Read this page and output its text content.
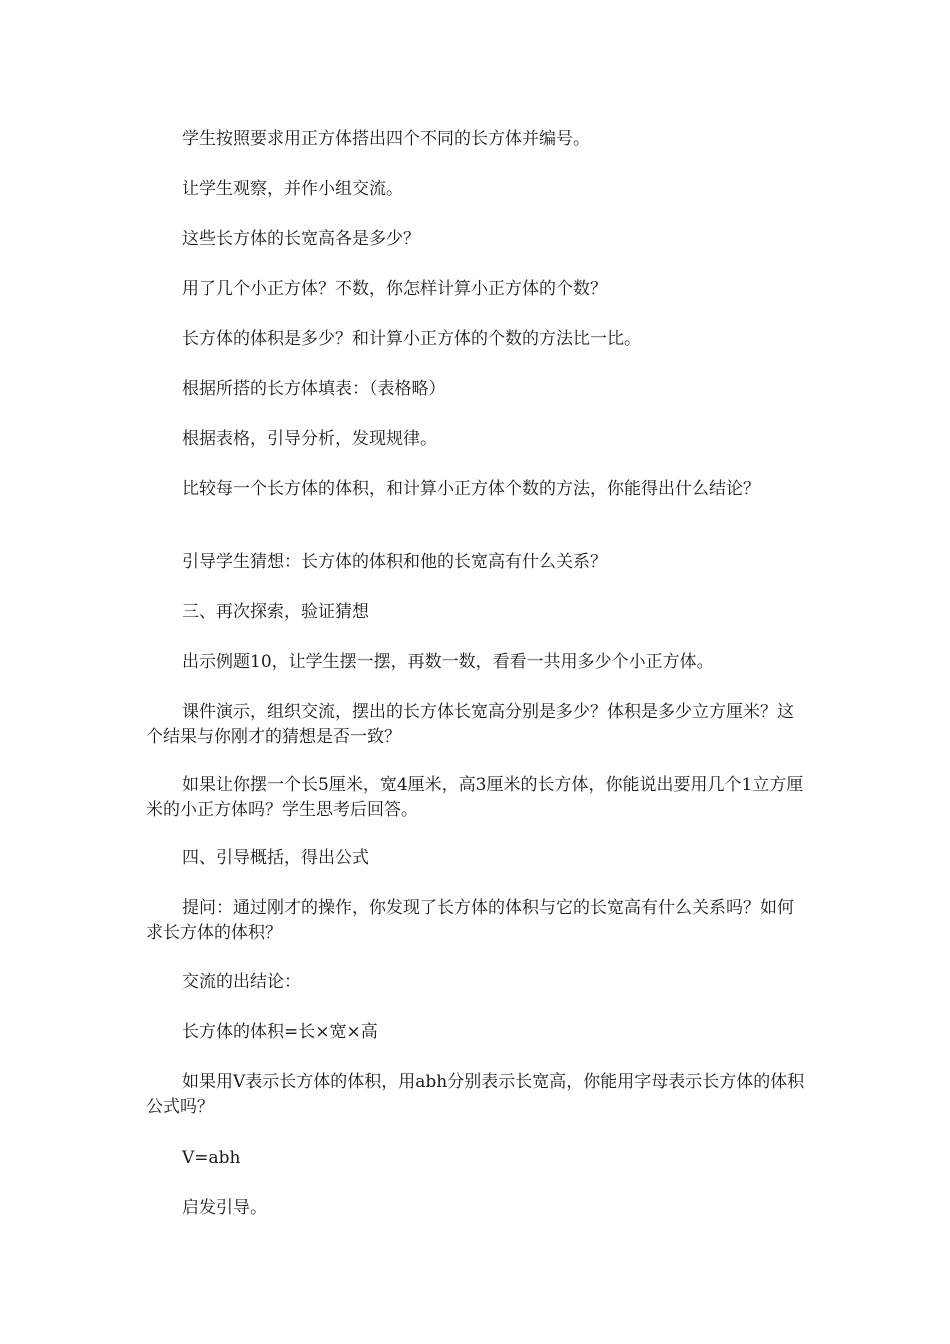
学生按照要求用正方体搭出四个不同的长方体并编号。

让学生观察，并作小组交流。

这些长方体的长宽高各是多少？

用了几个小正方体？不数，你怎样计算小正方体的个数？

长方体的体积是多少？和计算小正方体的个数的方法比一比。

根据所搭的长方体填表：（表格略）

根据表格，引导分析，发现规律。

比较每一个长方体的体积，和计算小正方体个数的方法，你能得出什么结论？

引导学生猜想：长方体的体积和他的长宽高有什么关系？

三、再次探索，验证猜想

出示例题10，让学生摆一摆，再数一数，看看一共用多少个小正方体。

课件演示，组织交流，摆出的长方体长宽高分别是多少？体积是多少立方厘米？这个结果与你刚才的猜想是否一致？

如果让你摆一个长5厘米，宽4厘米，高3厘米的长方体，你能说出要用几个1立方厘米的小正方体吗？学生思考后回答。

四、引导概括，得出公式

提问：通过刚才的操作，你发现了长方体的体积与它的长宽高有什么关系吗？如何求长方体的体积？

交流的出结论：

长方体的体积=长×宽×高

如果用V表示长方体的体积，用abh分别表示长宽高，你能用字母表示长方体的体积公式吗？

V=abh

启发引导。
